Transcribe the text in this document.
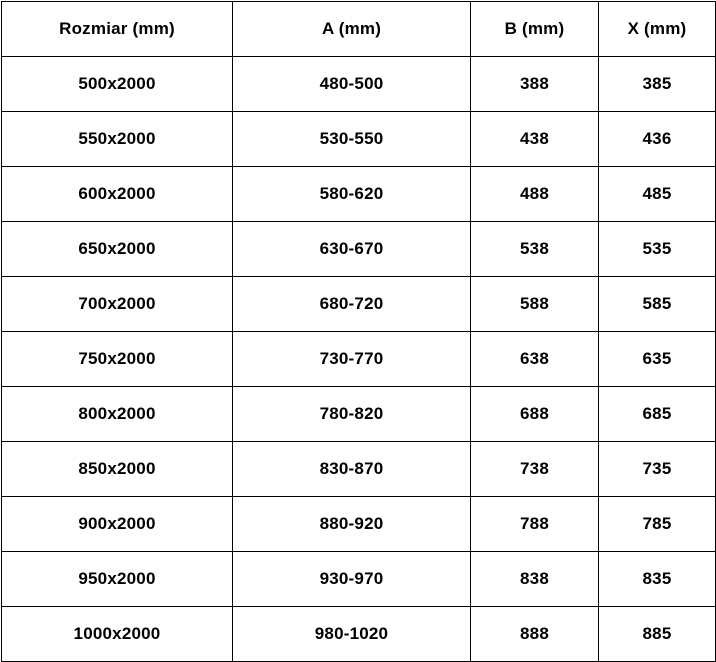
Rozmiar (mm)	A (mm)	B (mm)	X (mm)
500x2000	480-500	388	385
550x2000	530-550	438	436
600x2000	580-620	488	485
650x2000	630-670	538	535
700x2000	680-720	588	585
750x2000	730-770	638	635
800x2000	780-820	688	685
850x2000	830-870	738	735
900x2000	880-920	788	785
950x2000	930-970	838	835
1000x2000	980-1020	888	885
